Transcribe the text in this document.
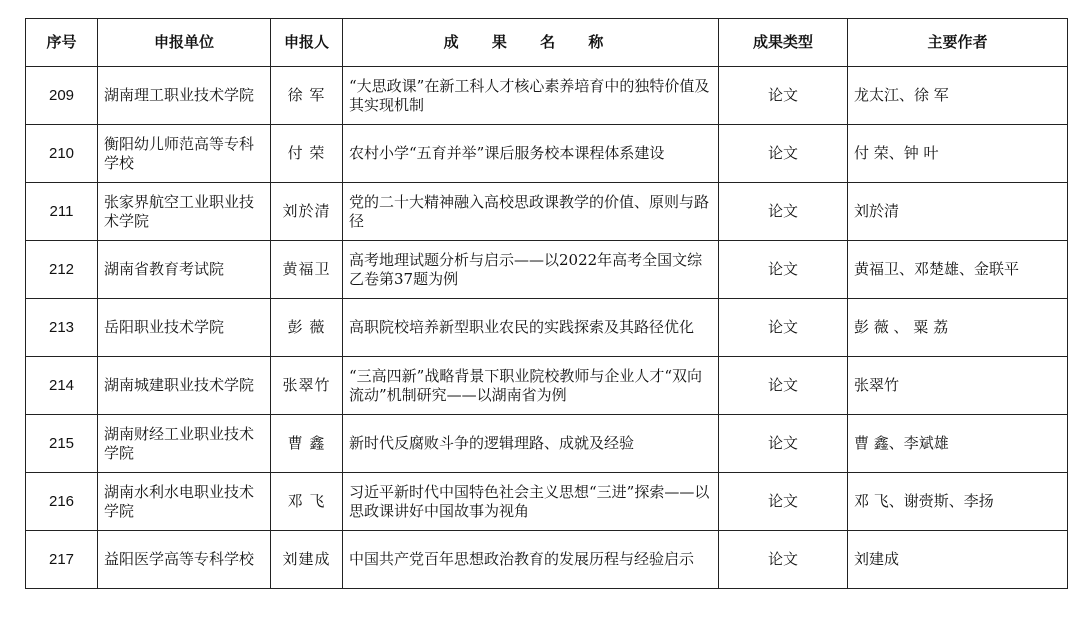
序号	申报单位	申报人	成 果 名 称	成果类型	主要作者
209	湖南理工职业技术学院	徐 军	“大思政课”在新工科人才核心素养培育中的独特价值及其实现机制	论文	龙太江、徐 军
210	衡阳幼儿师范高等专科学校	付 荣	农村小学“五育并举”课后服务校本课程体系建设	论文	付 荣、钟 叶
211	张家界航空工业职业技术学院	刘於清	党的二十大精神融入高校思政课教学的价值、原则与路径	论文	刘於清
212	湖南省教育考试院	黄福卫	高考地理试题分析与启示——以2022年高考全国文综乙卷第37题为例	论文	黄福卫、邓楚雄、金联平
213	岳阳职业技术学院	彭 薇	高职院校培养新型职业农民的实践探索及其路径优化	论文	彭 薇 、 粟 荔
214	湖南城建职业技术学院	张翠竹	“三高四新”战略背景下职业院校教师与企业人才“双向流动”机制研究——以湖南省为例	论文	张翠竹
215	湖南财经工业职业技术学院	曹 鑫	新时代反腐败斗争的逻辑理路、成就及经验	论文	曹 鑫、李斌雄
216	湖南水利水电职业技术学院	邓 飞	习近平新时代中国特色社会主义思想“三进”探索——以思政课讲好中国故事为视角	论文	邓 飞、谢赍斯、李扬
217	益阳医学高等专科学校	刘建成	中国共产党百年思想政治教育的发展历程与经验启示	论文	刘建成
